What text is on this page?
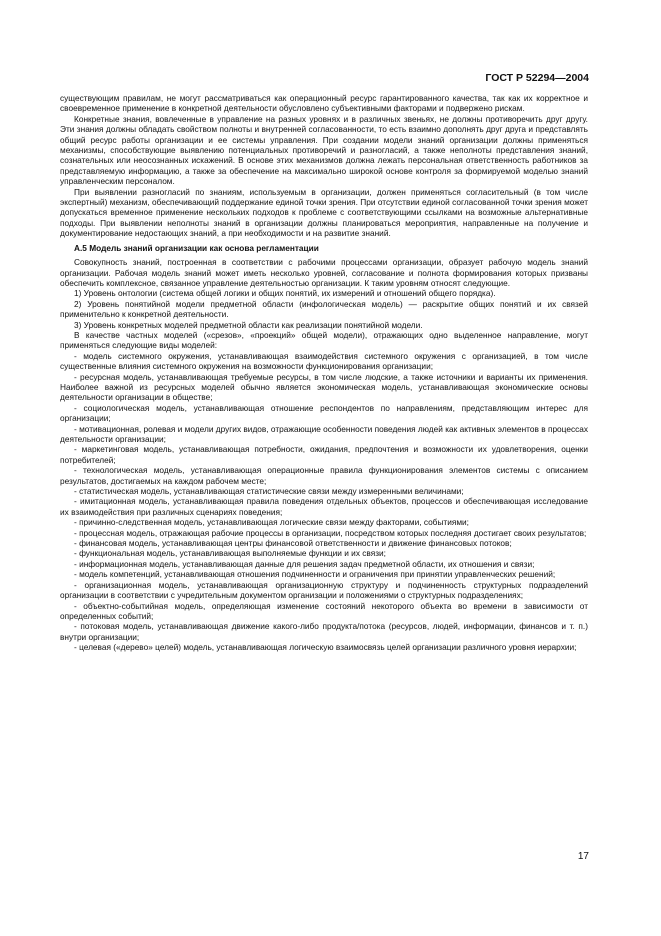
ГОСТ Р 52294—2004

существующим правилам, не могут рассматриваться как операционный ресурс гарантированного качества, так как их корректное и своевременное применение в конкретной деятельности обусловлено субъективными факторами и подвержено рискам.

Конкретные знания, вовлеченные в управление на разных уровнях и в различных звеньях, не должны противоречить друг другу. Эти знания должны обладать свойством полноты и внутренней согласованности, то есть взаимно дополнять друг друга и представлять общий ресурс работы организации и ее системы управления. При создании модели знаний организации должны применяться механизмы, способствующие выявлению потенциальных противоречий и разногласий, а также неполноты представления знаний, сознательных или неосознанных искажений. В основе этих механизмов должна лежать персональная ответственность работников за представляемую информацию, а также за обеспечение на максимально широкой основе контроля за формируемой моделью знаний управленческим персоналом.

При выявлении разногласий по знаниям, используемым в организации, должен применяться согласительный (в том числе экспертный) механизм, обеспечивающий поддержание единой точки зрения. При отсутствии единой согласованной точки зрения может допускаться временное применение нескольких подходов к проблеме с соответствующими ссылками на возможные альтернативные подходы. При выявлении неполноты знаний в организации должны планироваться мероприятия, направленные на получение и документирование недостающих знаний, а при необходимости и на развитие знаний.

А.5 Модель знаний организации как основа регламентации

Совокупность знаний, построенная в соответствии с рабочими процессами организации, образует рабочую модель знаний организации. Рабочая модель знаний может иметь несколько уровней, согласование и полнота формирования которых призваны обеспечить комплексное, связанное управление деятельностью организации. К таким уровням относят следующие.

1) Уровень онтологии (система общей логики и общих понятий, их измерений и отношений общего порядка).

2) Уровень понятийной модели предметной области (инфологическая модель) — раскрытие общих понятий и их связей применительно к конкретной деятельности.

3) Уровень конкретных моделей предметной области как реализации понятийной модели.

В качестве частных моделей («срезов», «проекций» общей модели), отражающих одно выделенное направление, могут применяться следующие виды моделей:

- модель системного окружения, устанавливающая взаимодействия системного окружения с организацией, в том числе существенные влияния системного окружения на возможности функционирования организации;

- ресурсная модель, устанавливающая требуемые ресурсы, в том числе людские, а также источники и варианты их применения. Наиболее важной из ресурсных моделей обычно является экономическая модель, устанавливающая экономические основы деятельности организации в обществе;

- социологическая модель, устанавливающая отношение респондентов по направлениям, представляющим интерес для организации;

- мотивационная, ролевая и модели других видов, отражающие особенности поведения людей как активных элементов в процессах деятельности организации;

- маркетинговая модель, устанавливающая потребности, ожидания, предпочтения и возможности их удовлетворения, оценки потребителей;

- технологическая модель, устанавливающая операционные правила функционирования элементов системы с описанием результатов, достигаемых на каждом рабочем месте;

- статистическая модель, устанавливающая статистические связи между измеренными величинами;

- имитационная модель, устанавливающая правила поведения отдельных объектов, процессов и обеспечивающая исследование их взаимодействия при различных сценариях поведения;

- причинно-следственная модель, устанавливающая логические связи между факторами, событиями;

- процессная модель, отражающая рабочие процессы в организации, посредством которых последняя достигает своих результатов;

- финансовая модель, устанавливающая центры финансовой ответственности и движение финансовых потоков;

- функциональная модель, устанавливающая выполняемые функции и их связи;

- информационная модель, устанавливающая данные для решения задач предметной области, их отношения и связи;

- модель компетенций, устанавливающая отношения подчиненности и ограничения при принятии управленческих решений;

- организационная модель, устанавливающая организационную структуру и подчиненность структурных подразделений организации в соответствии с учредительным документом организации и положениями о структурных подразделениях;

- объектно-событийная модель, определяющая изменение состояний некоторого объекта во времени в зависимости от определенных событий;

- потоковая модель, устанавливающая движение какого-либо продукта/потока (ресурсов, людей, информации, финансов и т. п.) внутри организации;

- целевая («дерево» целей) модель, устанавливающая логическую взаимосвязь целей организации различного уровня иерархии;

17
